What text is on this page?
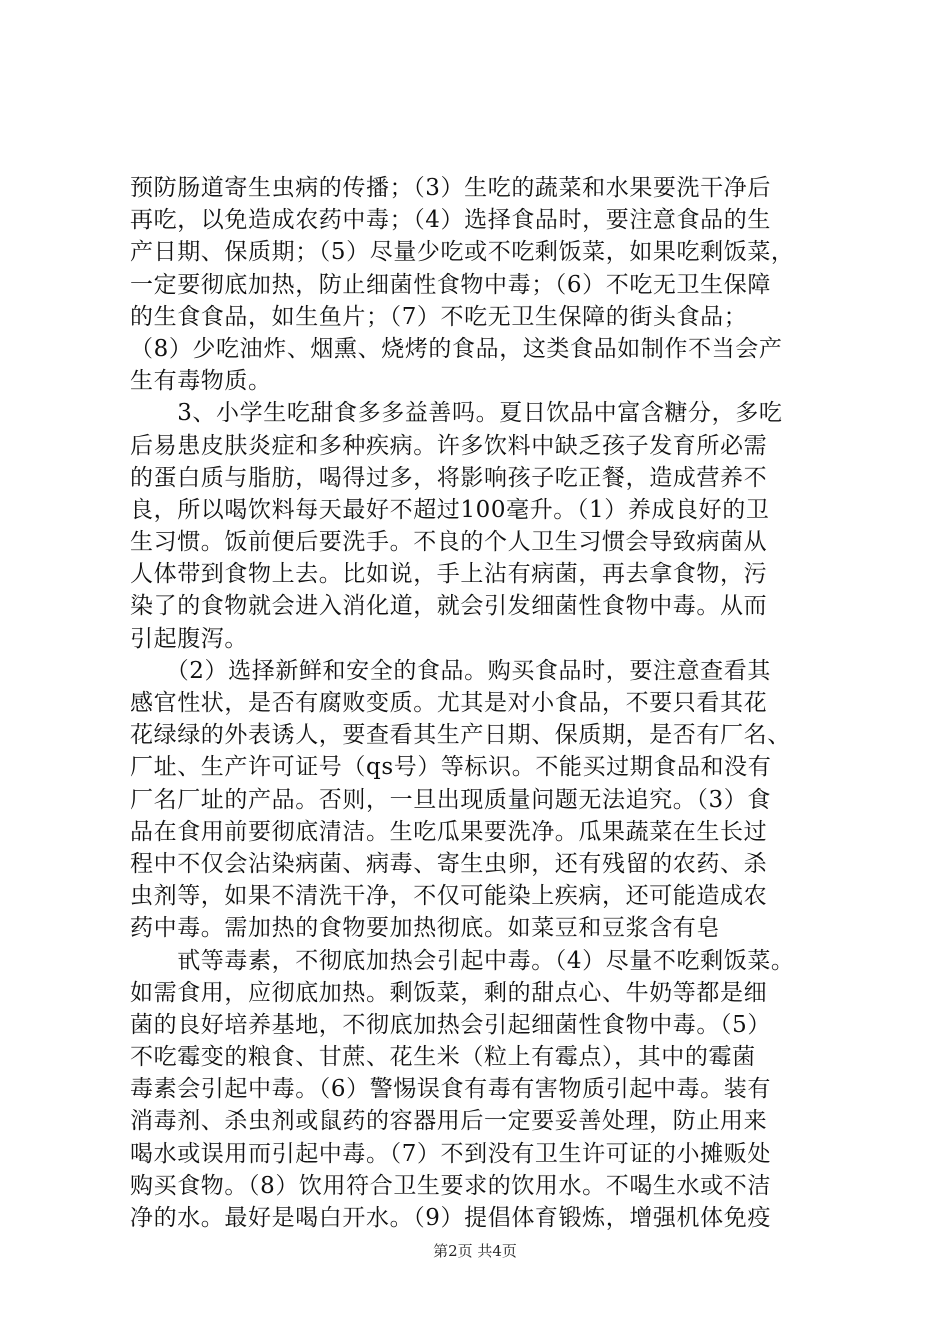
预防肠道寄生虫病的传播；（3）生吃的蔬菜和水果要洗干净后
再吃，以免造成农药中毒；（4）选择食品时，要注意食品的生
产日期、保质期；（5）尽量少吃或不吃剩饭菜，如果吃剩饭菜，
一定要彻底加热，防止细菌性食物中毒；（6）不吃无卫生保障
的生食食品，如生鱼片；（7）不吃无卫生保障的街头食品；
（8）少吃油炸、烟熏、烧烤的食品，这类食品如制作不当会产
生有毒物质。
　　3、小学生吃甜食多多益善吗。夏日饮品中富含糖分，多吃
后易患皮肤炎症和多种疾病。许多饮料中缺乏孩子发育所必需
的蛋白质与脂肪，喝得过多，将影响孩子吃正餐，造成营养不
良，所以喝饮料每天最好不超过100毫升。（1）养成良好的卫
生习惯。饭前便后要洗手。不良的个人卫生习惯会导致病菌从
人体带到食物上去。比如说，手上沾有病菌，再去拿食物，污
染了的食物就会进入消化道，就会引发细菌性食物中毒。从而
引起腹泻。
　　（2）选择新鲜和安全的食品。购买食品时，要注意查看其
感官性状，是否有腐败变质。尤其是对小食品，不要只看其花
花绿绿的外表诱人，要查看其生产日期、保质期，是否有厂名、
厂址、生产许可证号（qs号）等标识。不能买过期食品和没有
厂名厂址的产品。否则，一旦出现质量问题无法追究。（3）食
品在食用前要彻底清洁。生吃瓜果要洗净。瓜果蔬菜在生长过
程中不仅会沾染病菌、病毒、寄生虫卵，还有残留的农药、杀
虫剂等，如果不清洗干净，不仅可能染上疾病，还可能造成农
药中毒。需加热的食物要加热彻底。如菜豆和豆浆含有皂
　　甙等毒素，不彻底加热会引起中毒。（4）尽量不吃剩饭菜。
如需食用，应彻底加热。剩饭菜，剩的甜点心、牛奶等都是细
菌的良好培养基地，不彻底加热会引起细菌性食物中毒。（5）
不吃霉变的粮食、甘蔗、花生米（粒上有霉点），其中的霉菌
毒素会引起中毒。（6）警惕误食有毒有害物质引起中毒。装有
消毒剂、杀虫剂或鼠药的容器用后一定要妥善处理，防止用来
喝水或误用而引起中毒。（7）不到没有卫生许可证的小摊贩处
购买食物。（8）饮用符合卫生要求的饮用水。不喝生水或不洁
净的水。最好是喝白开水。（9）提倡体育锻炼，增强机体免疫
第2页 共4页
